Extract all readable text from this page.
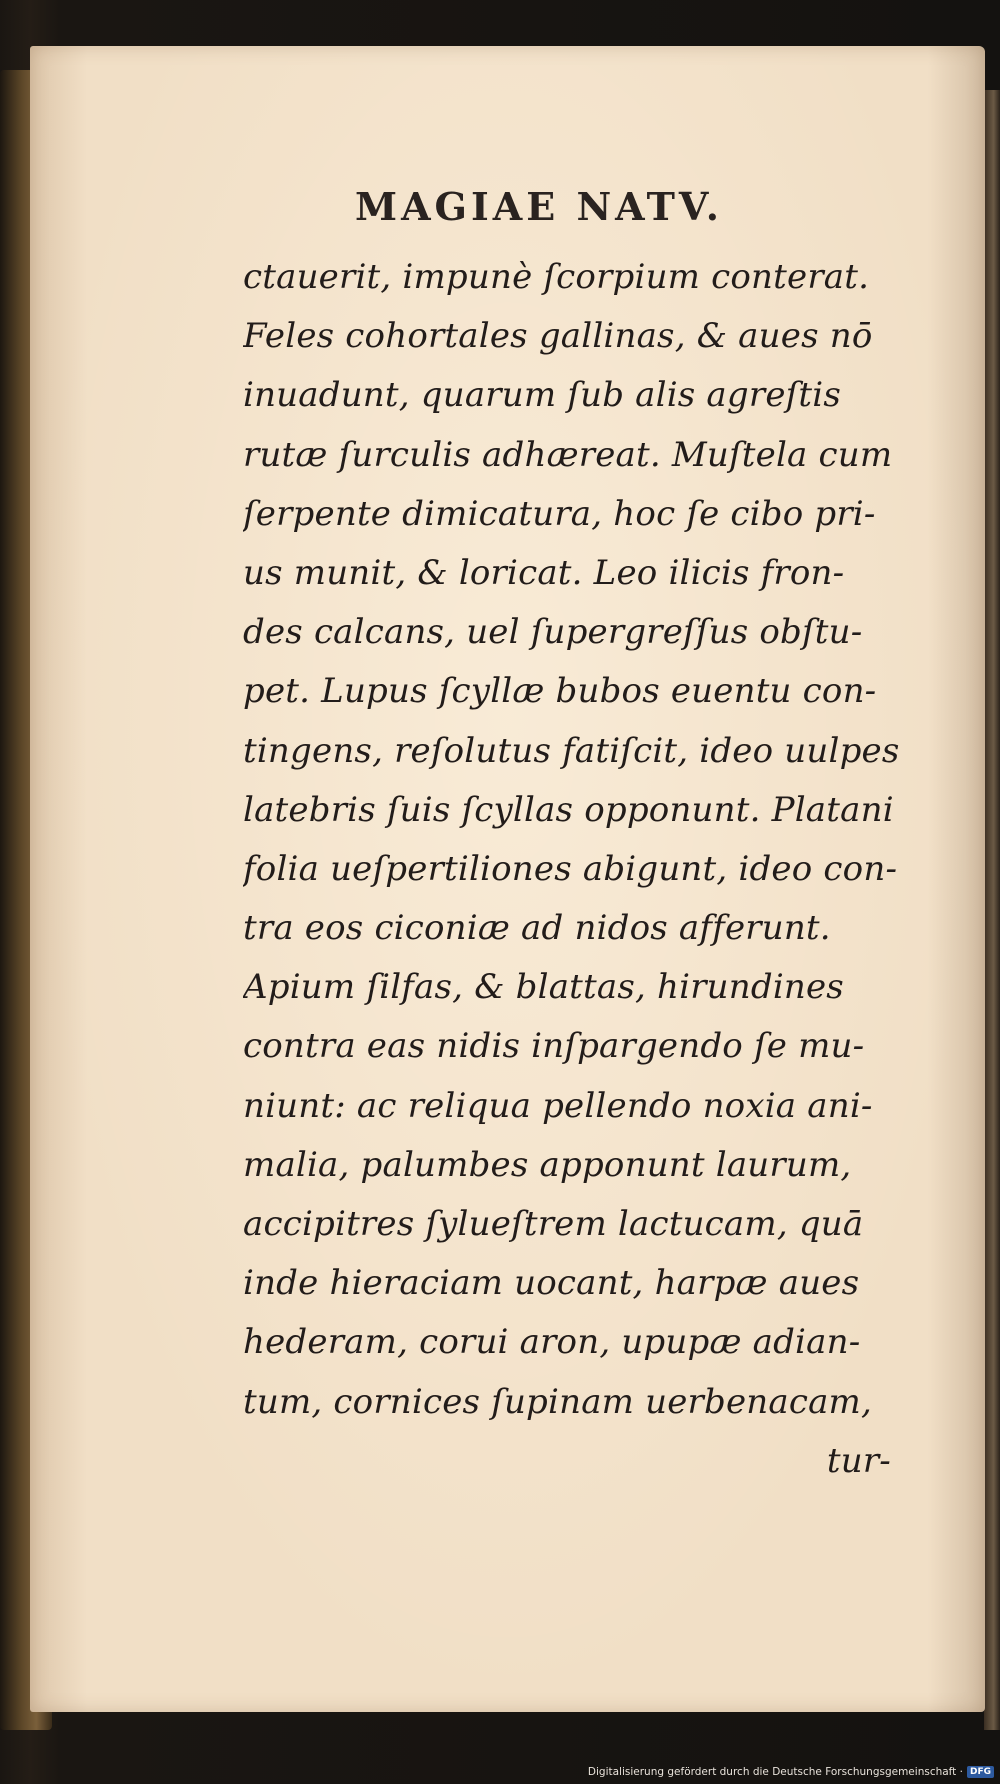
MAGIAE NATV.
ctauerit, impunè ſcorpium conterat.
Feles cohortales gallinas, & aues nō
inuadunt, quarum ſub alis agreſtis
rutæ ſurculis adhæreat. Muſtela cum
ſerpente dimicatura, hoc ſe cibo pri-
us munit, & loricat. Leo ilicis fron-
des calcans, uel ſupergreſſus obſtu-
pet. Lupus ſcyllæ bubos euentu con-
tingens, reſolutus fatiſcit, ideo uulpes
latebris ſuis ſcyllas opponunt. Platani
folia ueſpertiliones abigunt, ideo con-
tra eos ciconiæ ad nidos afferunt.
Apium ſilfas, & blattas, hirundines
contra eas nidis inſpargendo ſe mu-
niunt: ac reliqua pellendo noxia ani-
malia, palumbes apponunt laurum,
accipitres ſylueſtrem lactucam, quā
inde hieraciam uocant, harpæ aues
hederam, corui aron, upupæ adian-
tum, cornices ſupinam uerbenacam,
tur-
Digitalisierung gefördert durch die Deutsche Forschungsgemeinschaft · DFG
